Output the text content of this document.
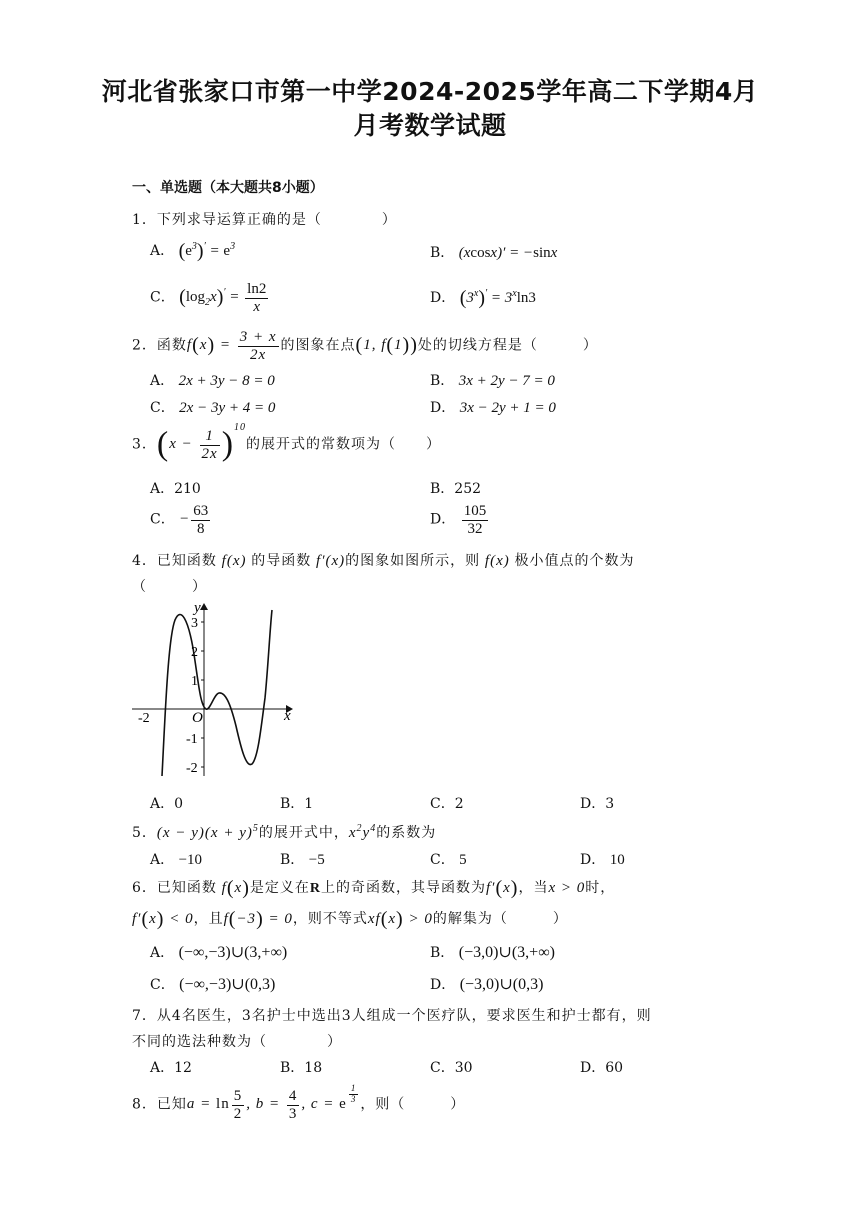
河北省张家口市第一中学2024-2025学年高二下学期4月
月考数学试题
一、单选题（本大题共8小题）
1．下列求导运算正确的是（　　　　）
A． $(e^3)' = e^3$	B． (xcosx)′ = −sinx
C． $(\log_2x)' = \frac{\ln 2}{x}$	D． $(3^x)' = 3^x\ln 3$
2．函数$f(x) = \frac{3 + x}{2x}$ 的图象在点(1, f(1))处的切线方程是（　　　）
A． 2x + 3y − 8 = 0	B． 3x + 2y − 7 = 0
C． 2x − 3y + 4 = 0	D． 3x − 2y + 1 = 0
3．$(x - \frac{1}{2x} )^{10}$的展开式的常数项为（　　）
A．210	B．252
C． − $\frac{63}{8}$	D． $\frac{105}{32}$
4．已知函数 f(x) 的导函数 f′(x)的图象如图所示，则 f(x) 极小值点的个数为
（　　　）
-2	O	x
y
3
2
1
-1
-2
A．0	B．1	C．2	D．3
5．$(x - y)(x + y)^5$的展开式中，$x^2y^4$的系数为
A． −10	B． −5	C． 5	D． 10
6．已知函数 f(x)是定义在R上的奇函数，其导函数为f′(x)，当x > 0时，
f′(x) < 0，且f(−3) = 0，则不等式xf(x) > 0的解集为（　　　）
A． (−∞,−3)∪(3,+∞)	B． (−3,0)∪(3,+∞)
C． (−∞,−3)∪(0,3)	D． (−3,0)∪(0,3)
7．从4名医生，3名护士中选出3人组成一个医疗队，要求医生和护士都有，则
不同的选法种数为（　　　　）
A．12	B．18	C．30	D．60
8．已知$a = \ln \frac{5}{2}$ , $b = \frac{4}{3}$ , c = e $^{\frac{1}{3}}$ ，则（　　　）
